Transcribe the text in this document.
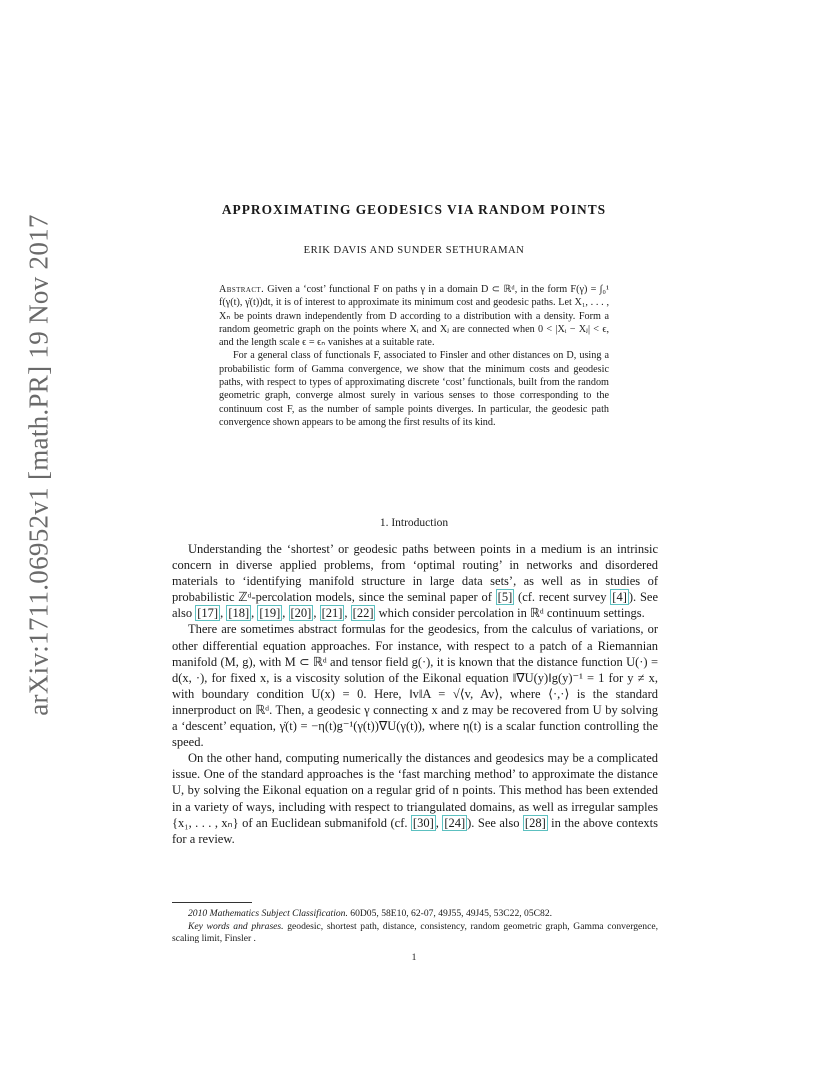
arXiv:1711.06952v1 [math.PR] 19 Nov 2017
APPROXIMATING GEODESICS VIA RANDOM POINTS
ERIK DAVIS AND SUNDER SETHURAMAN

Abstract. Given a ‘cost’ functional F on paths γ in a domain D ⊂ ℝᵈ, in the form F(γ) = ∫₀¹ f(γ(t), γ̇(t))dt, it is of interest to approximate its minimum cost and geodesic paths. Let X₁, . . . , Xₙ be points drawn independently from D according to a distribution with a density. Form a random geometric graph on the points where Xᵢ and Xⱼ are connected when 0 < |Xᵢ − Xⱼ| < ϵ, and the length scale ϵ = ϵₙ vanishes at a suitable rate.

For a general class of functionals F, associated to Finsler and other distances on D, using a probabilistic form of Gamma convergence, we show that the minimum costs and geodesic paths, with respect to types of approximating discrete ‘cost’ functionals, built from the random geometric graph, converge almost surely in various senses to those corresponding to the continuum cost F, as the number of sample points diverges. In particular, the geodesic path convergence shown appears to be among the first results of its kind.

1. Introduction

Understanding the ‘shortest’ or geodesic paths between points in a medium is an intrinsic concern in diverse applied problems, from ‘optimal routing’ in networks and disordered materials to ‘identifying manifold structure in large data sets’, as well as in studies of probabilistic ℤᵈ-percolation models, since the seminal paper of [5] (cf. recent survey [4] ). See also [17] , [18] , [19] , [20] , [21] , [22] which consider percolation in ℝᵈ continuum settings.

There are sometimes abstract formulas for the geodesics, from the calculus of variations, or other differential equation approaches. For instance, with respect to a patch of a Riemannian manifold (M, g), with M ⊂ ℝᵈ and tensor field g(·), it is known that the distance function U(·) = d(x, ·), for fixed x, is a viscosity solution of the Eikonal equation ‖∇U(y)‖g(y)⁻¹ = 1 for y ≠ x, with boundary condition U(x) = 0. Here, ‖v‖A = √⟨v, Av⟩, where ⟨·,·⟩ is the standard innerproduct on ℝᵈ. Then, a geodesic γ connecting x and z may be recovered from U by solving a ‘descent’ equation, γ̇(t) = −η(t)g⁻¹(γ(t))∇U(γ(t)), where η(t) is a scalar function controlling the speed.

On the other hand, computing numerically the distances and geodesics may be a complicated issue. One of the standard approaches is the ‘fast marching method’ to approximate the distance U, by solving the Eikonal equation on a regular grid of n points. This method has been extended in a variety of ways, including with respect to triangulated domains, as well as irregular samples {x₁, . . . , xₙ} of an Euclidean submanifold (cf. [30] , [24] ). See also [28] in the above contexts for a review.

2010 Mathematics Subject Classification. 60D05, 58E10, 62-07, 49J55, 49J45, 53C22, 05C82.

Key words and phrases. geodesic, shortest path, distance, consistency, random geometric graph, Gamma convergence, scaling limit, Finsler .

1
